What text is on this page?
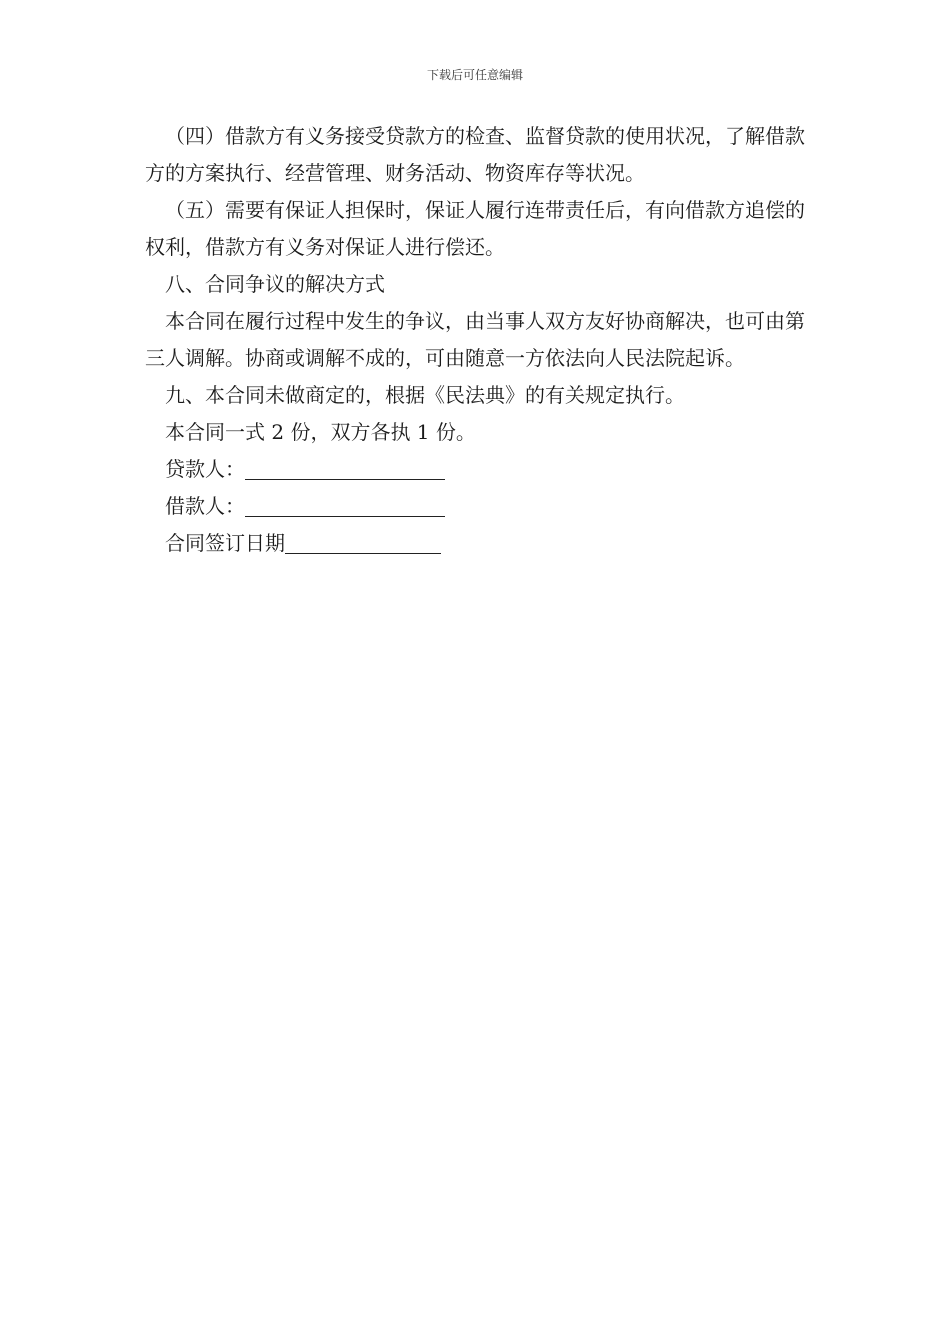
下载后可任意编辑

（四）借款方有义务接受贷款方的检查、监督贷款的使用状况，了解借款方的方案执行、经营管理、财务活动、物资库存等状况。

（五）需要有保证人担保时，保证人履行连带责任后，有向借款方追偿的权利，借款方有义务对保证人进行偿还。

八、合同争议的解决方式

本合同在履行过程中发生的争议，由当事人双方友好协商解决，也可由第三人调解。协商或调解不成的，可由随意一方依法向人民法院起诉。

九、本合同未做商定的，根据《民法典》的有关规定执行。

本合同一式 2 份，双方各执 1 份。

贷款人：
借款人：
合同签订日期
